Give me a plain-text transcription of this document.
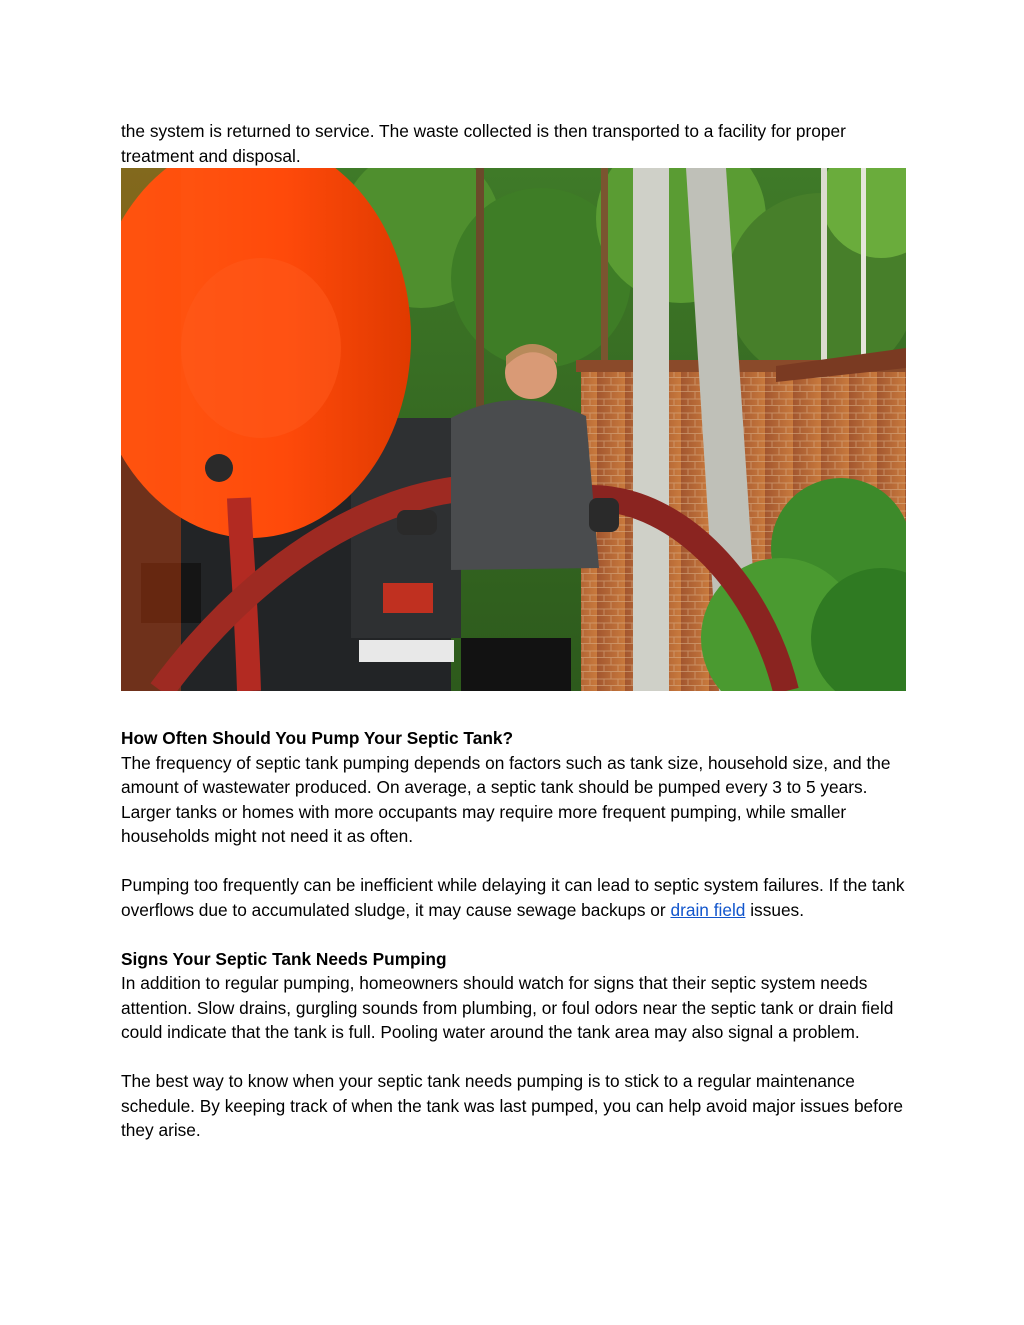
the system is returned to service. The waste collected is then transported to a facility for proper treatment and disposal.

How Often Should You Pump Your Septic Tank?

The frequency of septic tank pumping depends on factors such as tank size, household size, and the amount of wastewater produced. On average, a septic tank should be pumped every 3 to 5 years. Larger tanks or homes with more occupants may require more frequent pumping, while smaller households might not need it as often.

Pumping too frequently can be inefficient while delaying it can lead to septic system failures. If the tank overflows due to accumulated sludge, it may cause sewage backups or drain field issues.

Signs Your Septic Tank Needs Pumping

In addition to regular pumping, homeowners should watch for signs that their septic system needs attention. Slow drains, gurgling sounds from plumbing, or foul odors near the septic tank or drain field could indicate that the tank is full. Pooling water around the tank area may also signal a problem.

The best way to know when your septic tank needs pumping is to stick to a regular maintenance schedule. By keeping track of when the tank was last pumped, you can help avoid major issues before they arise.
